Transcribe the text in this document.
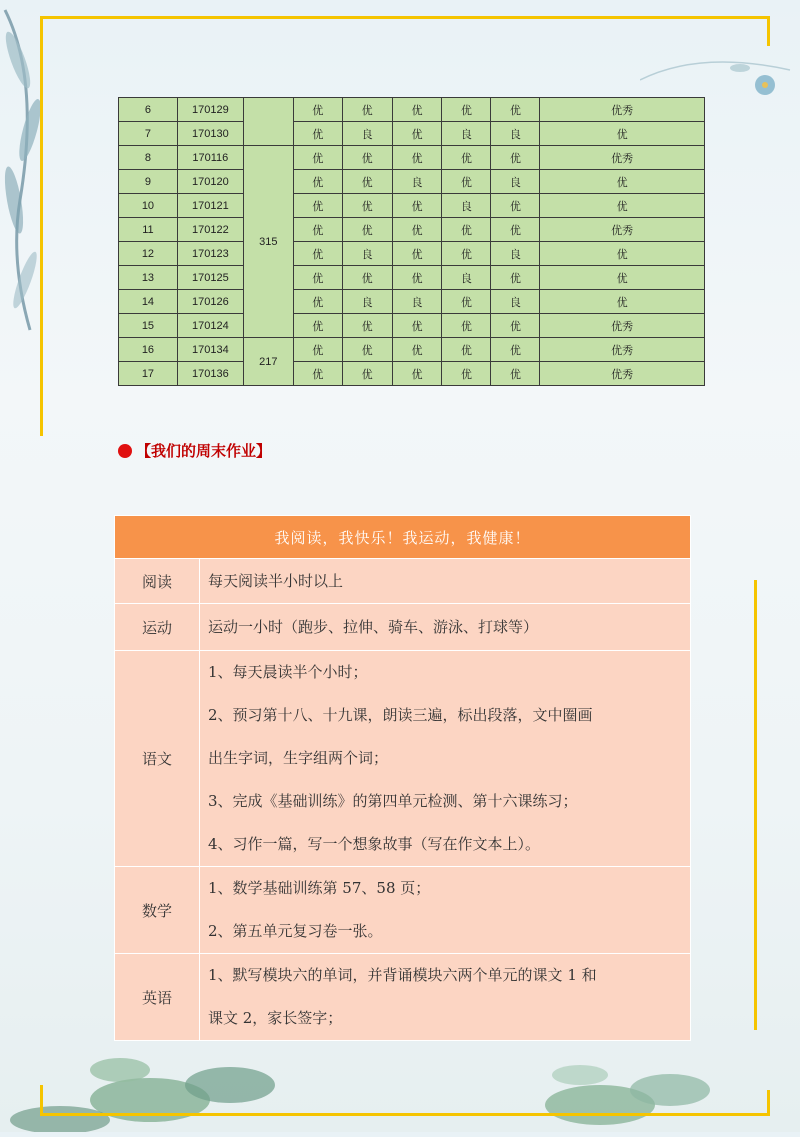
6	170129		优	优	优	优	优	优秀
7	170130		优	良	优	良	良	优
8	170116	315	优	优	优	优	优	优秀
9	170120		优	优	良	优	良	优
10	170121		优	优	优	良	优	优
11	170122		优	优	优	优	优	优秀
12	170123		优	良	优	优	良	优
13	170125		优	优	优	良	优	优
14	170126		优	良	良	优	良	优
15	170124		优	优	优	优	优	优秀
16	170134	217	优	优	优	优	优	优秀
17	170136		优	优	优	优	优	优秀
【我们的周末作业】
我阅读，我快乐！我运动，我健康！	
阅读	每天阅读半小时以上
运动	运动一小时（跑步、拉伸、骑车、游泳、打球等）
语文	1、每天晨读半个小时；
2、预习第十八、十九课，朗读三遍，标出段落，文中圈画
出生字词，生字组两个词；
3、完成《基础训练》的第四单元检测、第十六课练习；
4、习作一篇，写一个想象故事（写在作文本上）。

数学	1、数学基础训练第 57、58 页；
2、第五单元复习卷一张。

英语	1、默写模块六的单词，并背诵模块六两个单元的课文 1 和
课文 2，家长签字；
